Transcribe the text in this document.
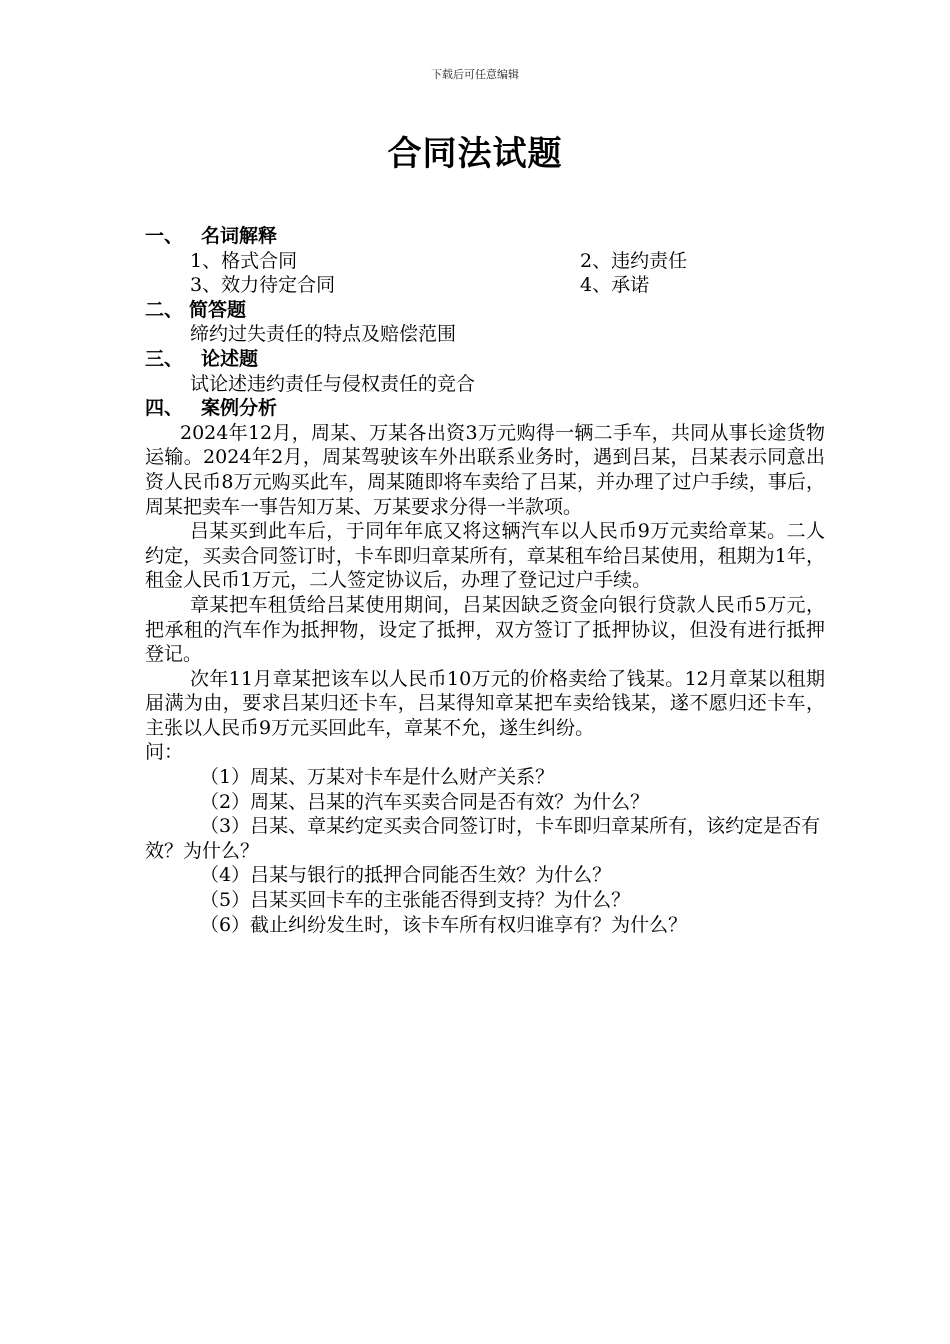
下载后可任意编辑
合同法试题
一、 名词解释
1、格式合同	2、违约责任
3、效力待定合同	4、承诺
二、 简答题
缔约过失责任的特点及赔偿范围
三、 论述题
试论述违约责任与侵权责任的竞合
四、 案例分析

2024年12月，周某、万某各出资3万元购得一辆二手车，共同从事长途货物运输。2024年2月，周某驾驶该车外出联系业务时，遇到吕某，吕某表示同意出资人民币8万元购买此车，周某随即将车卖给了吕某，并办理了过户手续，事后，周某把卖车一事告知万某、万某要求分得一半款项。

吕某买到此车后，于同年年底又将这辆汽车以人民币9万元卖给章某。二人约定，买卖合同签订时，卡车即归章某所有，章某租车给吕某使用，租期为1年，租金人民币1万元，二人签定协议后，办理了登记过户手续。

章某把车租赁给吕某使用期间，吕某因缺乏资金向银行贷款人民币5万元，把承租的汽车作为抵押物，设定了抵押，双方签订了抵押协议，但没有进行抵押登记。

次年11月章某把该车以人民币10万元的价格卖给了钱某。12月章某以租期届满为由，要求吕某归还卡车，吕某得知章某把车卖给钱某，遂不愿归还卡车，主张以人民币9万元买回此车，章某不允，遂生纠纷。

问：
（1）周某、万某对卡车是什么财产关系？
（2）周某、吕某的汽车买卖合同是否有效？为什么？

（3）吕某、章某约定买卖合同签订时，卡车即归章某所有，该约定是否有效？为什么？

（4）吕某与银行的抵押合同能否生效？为什么？
（5）吕某买回卡车的主张能否得到支持？为什么？
（6）截止纠纷发生时，该卡车所有权归谁享有？为什么？
